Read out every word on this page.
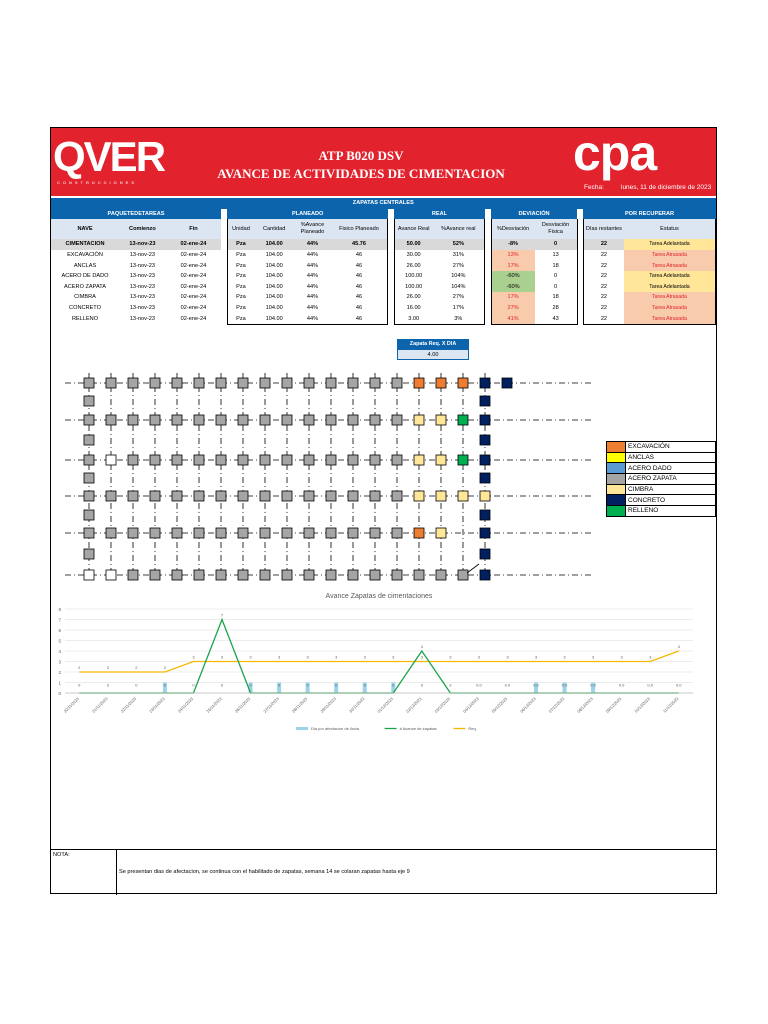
QVER
CONSTRUCCIONES
ATP B020 DSV
AVANCE DE ACTIVIDADES DE CIMENTACION cpa
Fecha:	lunes, 11 de diciembre de 2023
ZAPATAS CENTRALES																
PAQUETEDETAREAS				PLANEADO					REAL			DEVIACIÓN			POR RECUPERAR	
NAVE	Comienzo	Fin		Unidad	Cantidad	%Avance Planeado	Fisico Planeado		Avance Real	%Avance real		%Desviación	Desviación Fisica		Días restantes	Estatus
CIMENTACION	13-nov-23	02-ene-24		Pza	104.00	44%	45.76		50.00	52%		-8%	0		22	Tarea Adelantada
EXCAVACIÓN	13-nov-23	02-ene-24		Pza	104.00	44%	46		30.00	31%		13%	13		22	Tarea Atrasada
ANCLAS	13-nov-23	02-ene-24		Pza	104.00	44%	46		26.00	27%		17%	18		22	Tarea Atrasada
ACERO DE DADO	13-nov-23	02-ene-24		Pza	104.00	44%	46		100.00	104%		-60%	0		22	Tarea Adelantada
ACERO ZAPATA	13-nov-23	02-ene-24		Pza	104.00	44%	46		100.00	104%		-60%	0		22	Tarea Adelantada
CIMBRA	13-nov-23	02-ene-24		Pza	104.00	44%	46		26.00	27%		17%	18		22	Tarea Atrasada
CONCRETO	13-nov-23	02-ene-24		Pza	104.00	44%	46		16.00	17%		27%	28		22	Tarea Atrasada
RELLENO	13-nov-23	02-ene-24		Pza	104.00	44%	46		3.00	3%		41%	43		22	Tarea Atrasada
Zapata Req. X DIA
4.00
EXCAVACIÓN
ANCLAS
ACERO DADO
ACERO ZAPATA
CIMBRA
CONCRETO
RELLENO
Avance Zapatas de cimentaciones
0
1
2
3
4
5
6
7
8
0	0	0	0	0	0	0	0	0	0	0	0	0	0	0.0	0.0	0.0	0.0	0.0	0.0	0.0	0.0
2	2	2	2
3	3	3	3	3	3	3	3	3	3	3	3	3	3	3	3	3
4
7
4
20/11/2023	21/11/2023	22/11/2023	23/11/2023	24/11/2023	25/11/2023	26/11/2023	27/11/2023	28/11/2023	29/11/2023	30/11/2023	01/12/2023	02/12/2023	03/12/2023	04/12/2023	05/12/2023	06/12/2023	07/12/2023	08/12/2023	09/12/2023	10/12/2023	11/12/2023
Dia por afectacion de lluvia	# Avance de zapatas	Req.
NOTA:
Se presentan dias de afectacion, se continua con el habilitado de zapatas, semana 14 se colaran zapatas hasta eje 9
